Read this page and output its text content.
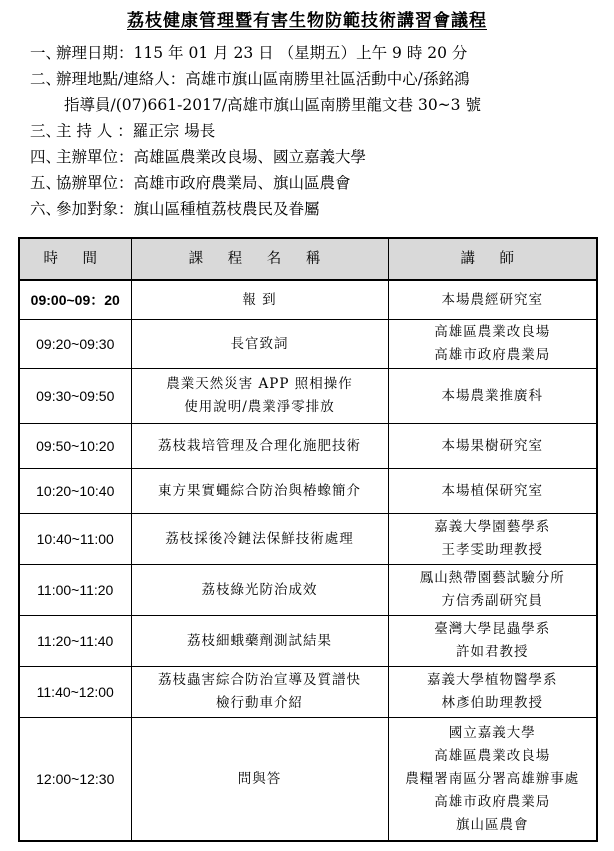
荔枝健康管理暨有害生物防範技術講習會議程
一、
辦理日期： 115 年 01 月 23 日 （星期五）上午 9 時 20 分
二、
辦理地點/連絡人： 高雄市旗山區南勝里社區活動中心/孫銘鴻
指導員/(07)661-2017/高雄市旗山區南勝里龍文巷 30~3 號
三、
主 持 人 ： 羅正宗 場長
四、
主辦單位： 高雄區農業改良場、國立嘉義大學
五、
協辦單位： 高雄市政府農業局、旗山區農會
六、
參加對象： 旗山區種植荔枝農民及眷屬
時 間	課 程 名 稱	講 師
09:00~09：20	報 到	本場農經研究室
09:20~09:30	長官致詞	高雄區農業改良場
高雄市政府農業局
09:30~09:50	農業天然災害 APP 照相操作
使用說明/農業淨零排放	本場農業推廣科
09:50~10:20	荔枝栽培管理及合理化施肥技術	本場果樹研究室
10:20~10:40	東方果實蠅綜合防治與椿蟓簡介	本場植保研究室
10:40~11:00	荔枝採後冷鏈法保鮮技術處理	嘉義大學園藝學系
王孝雯助理教授
11:00~11:20	荔枝綠光防治成效	鳳山熱帶園藝試驗分所
方信秀副研究員
11:20~11:40	荔枝細蛾藥劑測試結果	臺灣大學昆蟲學系
許如君教授
11:40~12:00	荔枝蟲害綜合防治宣導及質譜快
檢行動車介紹	嘉義大學植物醫學系
林彥伯助理教授
12:00~12:30	問與答	國立嘉義大學
高雄區農業改良場
農糧署南區分署高雄辦事處
高雄市政府農業局
旗山區農會
